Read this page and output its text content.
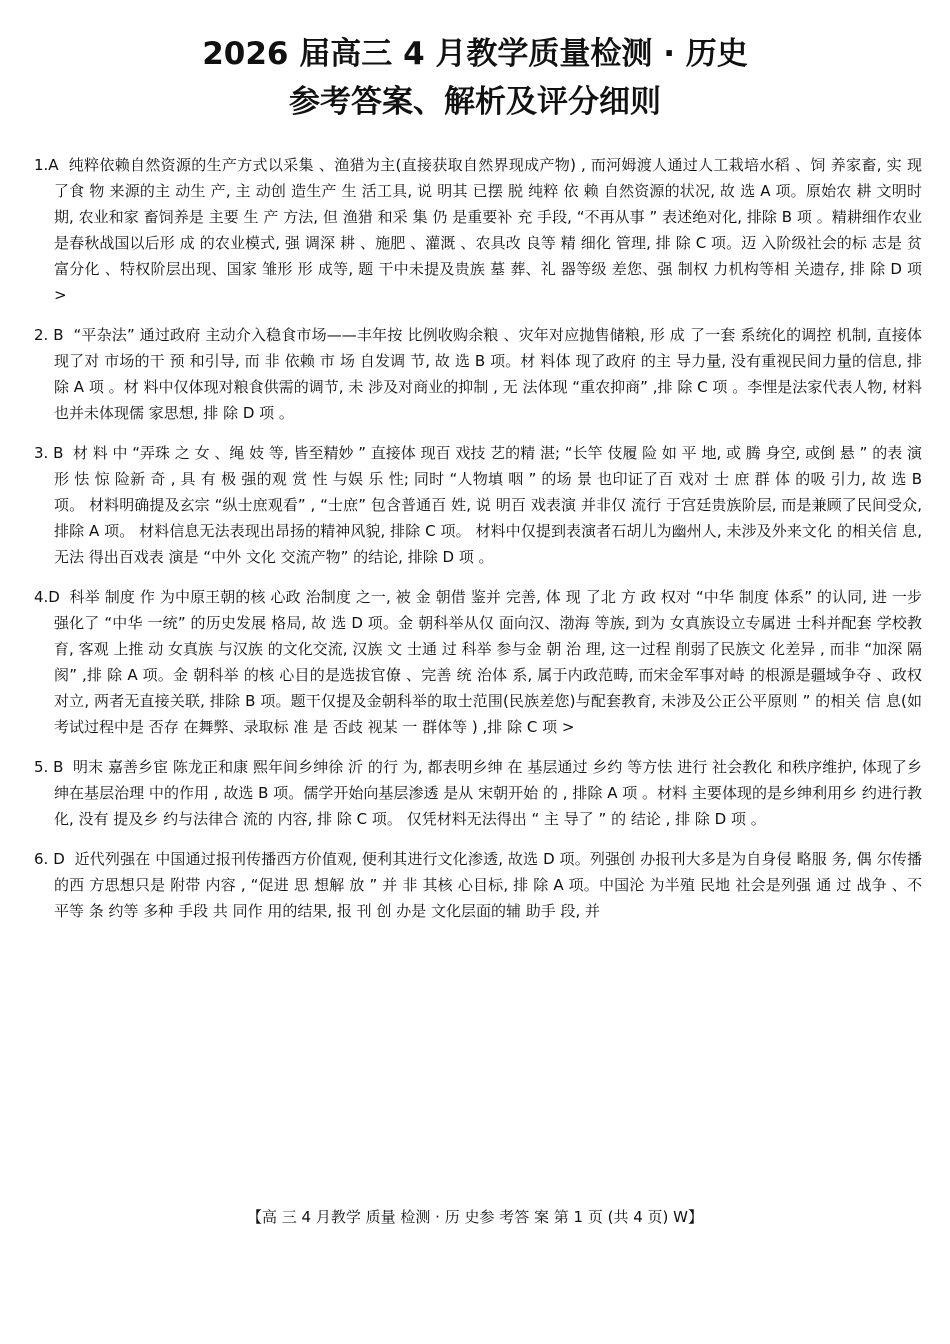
2026 届高三 4 月教学质量检测 · 历史
参考答案、解析及评分细则

1.A 纯粹依赖自然资源的生产方式以采集 、渔猎为主(直接获取自然界现成产物) , 而河姆渡人通过人工栽培水稻 、饲 养家畜, 实 现 了食 物 来源的主 动生 产, 主 动创 造生产 生 活工具, 说 明其 已摆 脱 纯粹 依 赖 自然资源的状况, 故 选 A 项。原始农 耕 文明时期, 农业和家 畜饲养是 主要 生 产 方法, 但 渔猎 和采 集 仍 是重要补 充 手段, “不再从事 ” 表述绝对化, 排除 B 项 。精耕细作农业 是春秋战国以后形 成 的农业模式, 强 调深 耕 、施肥 、灌溉 、农具改 良等 精 细化 管理, 排 除 C 项。迈 入阶级社会的标 志是 贫富分化 、特权阶层出现、国家 雏形 形 成等, 题 干中未提及贵族 墓 葬、礼 器等级 差您、强 制权 力机构等相 关遗存, 排 除 D 项 >

2. B “平杂法” 通过政府 主动介入稳食市场——丰年按 比例收购余粮 、灾年对应抛售储粮, 形 成 了一套 系统化的调控 机制, 直接体 现了对 市场的干 预 和引导, 而 非 依赖 市 场 自发调 节, 故 选 B 项。材 料体 现了政府 的主 导力量, 没有重视民间力量的信息, 排除 A 项 。材 料中仅体现对粮食供需的调节, 未 涉及对商业的抑制 , 无 法体现 “重农抑商” ,排 除 C 项 。李悝是法家代表人物, 材料也并未体现儒 家思想, 排 除 D 项 。

3. B 材 料 中 “弄珠 之 女 、绳 妓 等, 皆至精妙 ” 直接体 现百 戏技 艺的精 湛; “长竿 伎履 险 如 平 地, 或 腾 身空, 或倒 悬 ” 的表 演 形 怯 惊 险新 奇 , 具 有 极 强的观 赏 性 与娱 乐 性; 同时 “人物填 咽 ” 的场 景 也印证了百 戏对 士 庶 群 体 的吸 引力, 故 选 B 项。 材料明确提及玄宗 “纵士庶观看” , “士庶” 包含普通百 姓, 说 明百 戏表演 并非仅 流行 于宫廷贵族阶层, 而是兼顾了民间受众, 排除 A 项。 材料信息无法表现出昂扬的精神风貌, 排除 C 项。 材料中仅提到表演者石胡儿为幽州人, 未涉及外来文化 的相关信 息, 无法 得出百戏表 演是 “中外 文化 交流产物” 的结论, 排除 D 项 。

4.D 科举 制度 作 为中原王朝的核 心政 治制度 之一, 被 金 朝借 鉴并 完善, 体 现 了北 方 政 权对 “中华 制度 体系” 的认同, 进 一步强化了 “中华 一统” 的历史发展 格局, 故 选 D 项。金 朝科举从仅 面向汉、渤海 等族, 到为 女真族设立专属进 士科并配套 学校教 育, 客观 上推 动 女真族 与汉族 的文化交流, 汉族 文 士通 过 科举 参与金 朝 治 理, 这一过程 削弱了民族文 化差异 , 而非 “加深 隔阂” ,排 除 A 项。金 朝科举 的核 心目的是选拔官僚 、完善 统 治体 系, 属于内政范畴, 而宋金军事对峙 的根源是疆域争夺 、政权对立, 两者无直接关联, 排除 B 项。题干仅提及金朝科举的取士范围(民族差您)与配套教育, 未涉及公正公平原则 ” 的相关 信 息(如考试过程中是 否存 在舞弊、录取标 准 是 否歧 视某 一 群体等 ) ,排 除 C 项 >

5. B 明末 嘉善乡宦 陈龙正和康 熙年间乡绅徐 沂 的行 为, 都表明乡绅 在 基层通过 乡约 等方怯 进行 社会教化 和秩序维护, 体现了乡绅在基层治理 中的作用 , 故选 B 项。儒学开始向基层渗透 是从 宋朝开始 的 , 排除 A 项 。材料 主要体现的是乡绅利用乡 约进行教化, 没有 提及乡 约与法律合 流的 内容, 排 除 C 项。 仅凭材料无法得出 “ 主 导了 ” 的 结论 , 排 除 D 项 。

6. D 近代列强在 中国通过报刊传播西方价值观, 便利其进行文化渗透, 故选 D 项。列强创 办报刊大多是为自身侵 略服 务, 偶 尔传播的西 方思想只是 附带 内容 , “促进 思 想解 放 ” 并 非 其核 心目标, 排 除 A 项。中国沦 为半殖 民地 社会是列强 通 过 战争 、不平等 条 约等 多种 手段 共 同作 用的结果, 报 刊 创 办是 文化层面的辅 助手 段, 并

【高 三 4 月教学 质量 检测 · 历 史参 考答 案 第 1 页 (共 4 页) W】
